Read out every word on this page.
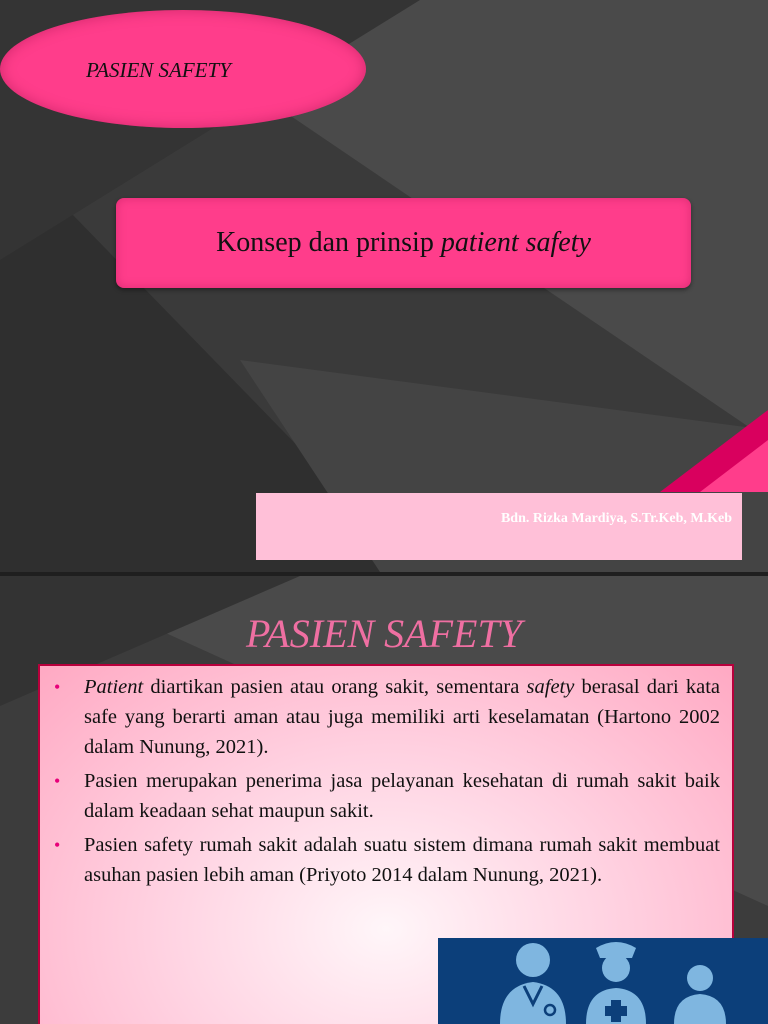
PASIEN SAFETY
Konsep dan prinsip patient safety
Bdn. Rizka Mardiya, S.Tr.Keb, M.Keb
PASIEN SAFETY
• Patient diartikan pasien atau orang sakit, sementara safety berasal dari kata safe yang berarti aman atau juga memiliki arti keselamatan (Hartono 2002 dalam Nunung, 2021).
• Pasien merupakan penerima jasa pelayanan kesehatan di rumah sakit baik dalam keadaan sehat maupun sakit.
• Pasien safety rumah sakit adalah suatu sistem dimana rumah sakit membuat asuhan pasien lebih aman (Priyoto 2014 dalam Nunung, 2021).
